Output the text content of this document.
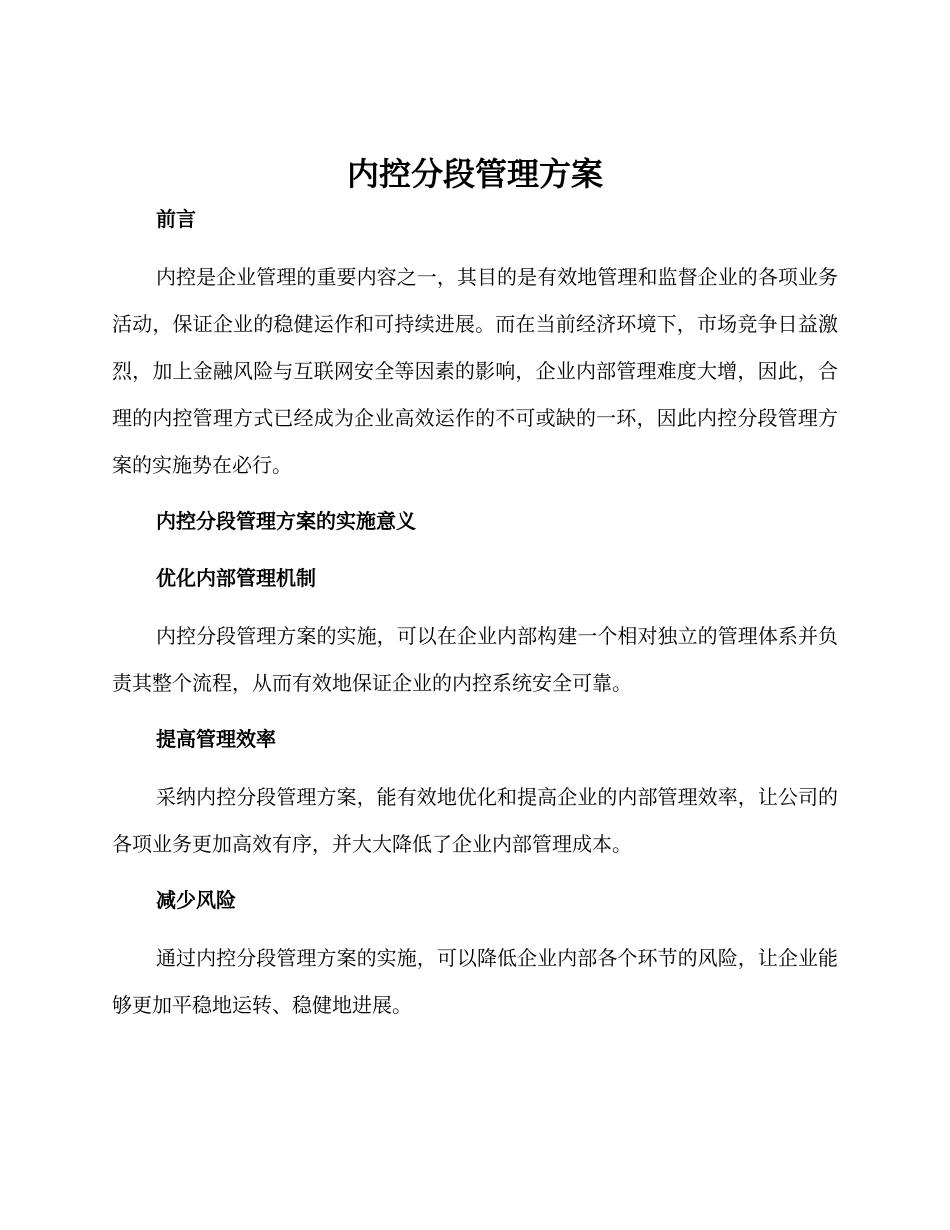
内控分段管理方案
前言

内控是企业管理的重要内容之一，其目的是有效地管理和监督企业的各项业务活动，保证企业的稳健运作和可持续进展。而在当前经济环境下，市场竞争日益激烈，加上金融风险与互联网安全等因素的影响，企业内部管理难度大增，因此，合理的内控管理方式已经成为企业高效运作的不可或缺的一环，因此内控分段管理方案的实施势在必行。

内控分段管理方案的实施意义
优化内部管理机制

内控分段管理方案的实施，可以在企业内部构建一个相对独立的管理体系并负责其整个流程，从而有效地保证企业的内控系统安全可靠。

提高管理效率

采纳内控分段管理方案，能有效地优化和提高企业的内部管理效率，让公司的各项业务更加高效有序，并大大降低了企业内部管理成本。

减少风险

通过内控分段管理方案的实施，可以降低企业内部各个环节的风险，让企业能够更加平稳地运转、稳健地进展。
